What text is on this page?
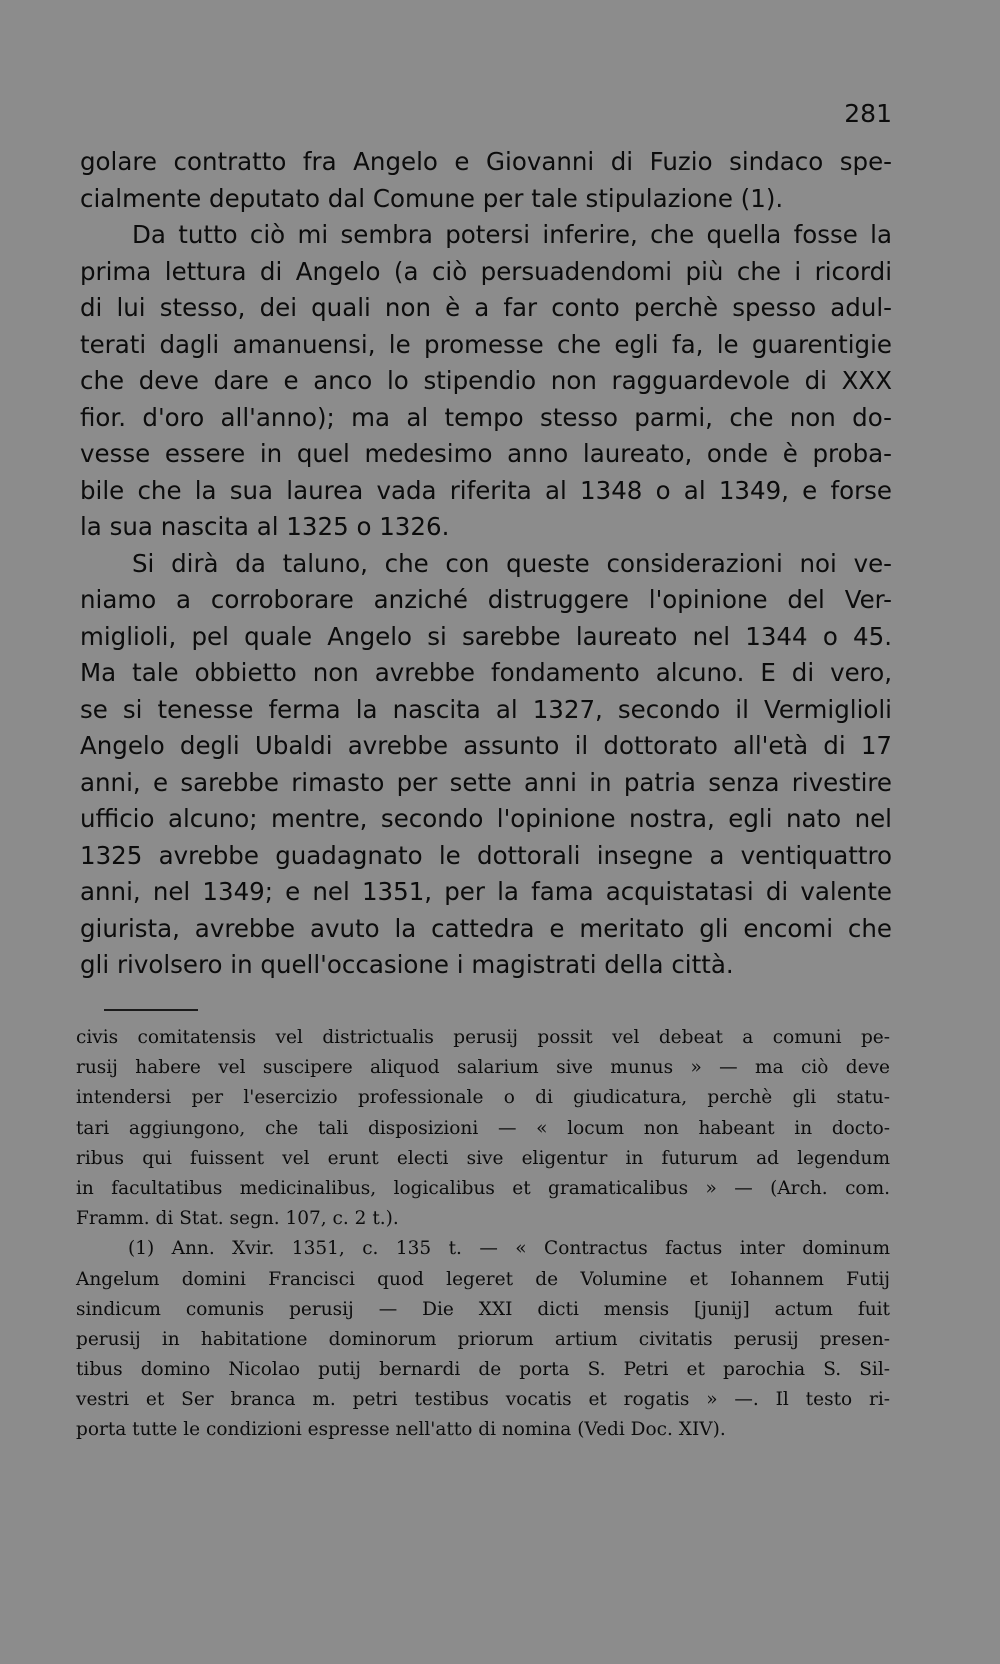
281
golare contratto fra Angelo e Giovanni di Fuzio sindaco spe-
cialmente deputato dal Comune per tale stipulazione (1).
Da tutto ciò mi sembra potersi inferire, che quella fosse la
prima lettura di Angelo (a ciò persuadendomi più che i ricordi
di lui stesso, dei quali non è a far conto perchè spesso adul-
terati dagli amanuensi, le promesse che egli fa, le guarentigie
che deve dare e anco lo stipendio non ragguardevole di XXX
fior. d'oro all'anno); ma al tempo stesso parmi, che non do-
vesse essere in quel medesimo anno laureato, onde è proba-
bile che la sua laurea vada riferita al 1348 o al 1349, e forse
la sua nascita al 1325 o 1326.
Si dirà da taluno, che con queste considerazioni noi ve-
niamo a corroborare anziché distruggere l'opinione del Ver-
miglioli, pel quale Angelo si sarebbe laureato nel 1344 o 45.
Ma tale obbietto non avrebbe fondamento alcuno. E di vero,
se si tenesse ferma la nascita al 1327, secondo il Vermiglioli
Angelo degli Ubaldi avrebbe assunto il dottorato all'età di 17
anni, e sarebbe rimasto per sette anni in patria senza rivestire
ufficio alcuno; mentre, secondo l'opinione nostra, egli nato nel
1325 avrebbe guadagnato le dottorali insegne a ventiquattro
anni, nel 1349; e nel 1351, per la fama acquistatasi di valente
giurista, avrebbe avuto la cattedra e meritato gli encomi che
gli rivolsero in quell'occasione i magistrati della città.
civis comitatensis vel districtualis perusij possit vel debeat a comuni pe-
rusij habere vel suscipere aliquod salarium sive munus » — ma ciò deve
intendersi per l'esercizio professionale o di giudicatura, perchè gli statu-
tari aggiungono, che tali disposizioni — « locum non habeant in docto-
ribus qui fuissent vel erunt electi sive eligentur in futurum ad legendum
in facultatibus medicinalibus, logicalibus et gramaticalibus » — (Arch. com.
Framm. di Stat. segn. 107, c. 2 t.).
(1) Ann. Xvir. 1351, c. 135 t. — « Contractus factus inter dominum
Angelum domini Francisci quod legeret de Volumine et Iohannem Futij
sindicum comunis perusij — Die XXI dicti mensis [junij] actum fuit
perusij in habitatione dominorum priorum artium civitatis perusij presen-
tibus domino Nicolao putij bernardi de porta S. Petri et parochia S. Sil-
vestri et Ser branca m. petri testibus vocatis et rogatis » —. Il testo ri-
porta tutte le condizioni espresse nell'atto di nomina (Vedi Doc. XIV).
